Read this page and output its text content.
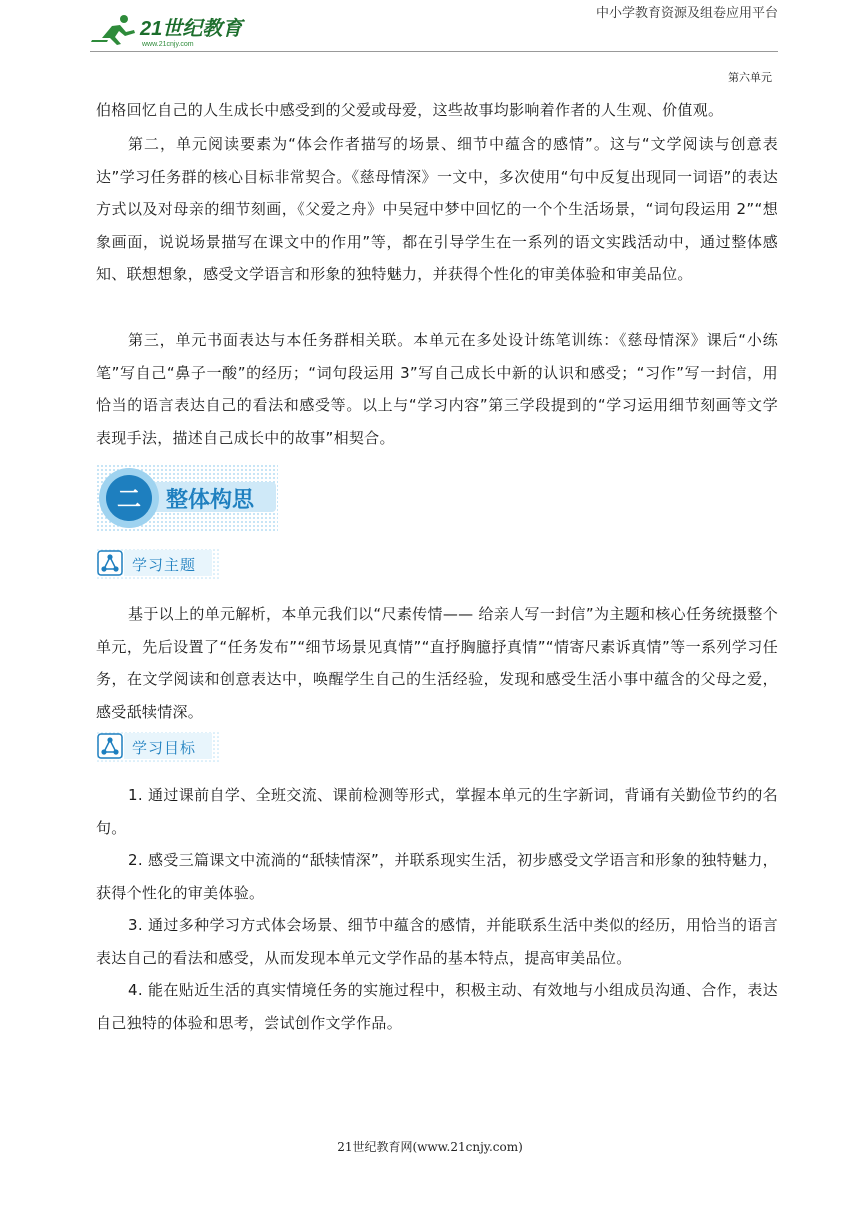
21世纪教育
www.21cnjy.com
中小学教育资源及组卷应用平台
第六单元

伯格回忆自己的人生成长中感受到的父爱或母爱，这些故事均影响着作者的人生观、价值观。

第二，单元阅读要素为“体会作者描写的场景、细节中蕴含的感情”。这与“文学阅读与创意表达”学习任务群的核心目标非常契合。《慈母情深》一文中，多次使用“句中反复出现同一词语”的表达方式以及对母亲的细节刻画，《父爱之舟》中吴冠中梦中回忆的一个个生活场景，“词句段运用 2”“想象画面，说说场景描写在课文中的作用”等，都在引导学生在一系列的语文实践活动中，通过整体感知、联想想象，感受文学语言和形象的独特魅力，并获得个性化的审美体验和审美品位。

第三，单元书面表达与本任务群相关联。本单元在多处设计练笔训练：《慈母情深》课后“小练笔”写自己“鼻子一酸”的经历；“词句段运用 3”写自己成长中新的认识和感受；“习作”写一封信，用恰当的语言表达自己的看法和感受等。以上与“学习内容”第三学段提到的“学习运用细节刻画等文学表现手法，描述自己成长中的故事”相契合。

二 整体构思
学习主题

基于以上的单元解析，本单元我们以“尺素传情—— 给亲人写一封信”为主题和核心任务统摄整个单元，先后设置了“任务发布”“细节场景见真情”“直抒胸臆抒真情”“情寄尺素诉真情”等一系列学习任务，在文学阅读和创意表达中，唤醒学生自己的生活经验，发现和感受生活小事中蕴含的父母之爱，感受舐犊情深。

学习目标

1. 通过课前自学、全班交流、课前检测等形式，掌握本单元的生字新词，背诵有关勤俭节约的名句。

2. 感受三篇课文中流淌的“舐犊情深”，并联系现实生活，初步感受文学语言和形象的独特魅力，获得个性化的审美体验。

3. 通过多种学习方式体会场景、细节中蕴含的感情，并能联系生活中类似的经历，用恰当的语言表达自己的看法和感受，从而发现本单元文学作品的基本特点，提高审美品位。

4. 能在贴近生活的真实情境任务的实施过程中，积极主动、有效地与小组成员沟通、合作，表达自己独特的体验和思考，尝试创作文学作品。

21世纪教育网(www.21cnjy.com)
